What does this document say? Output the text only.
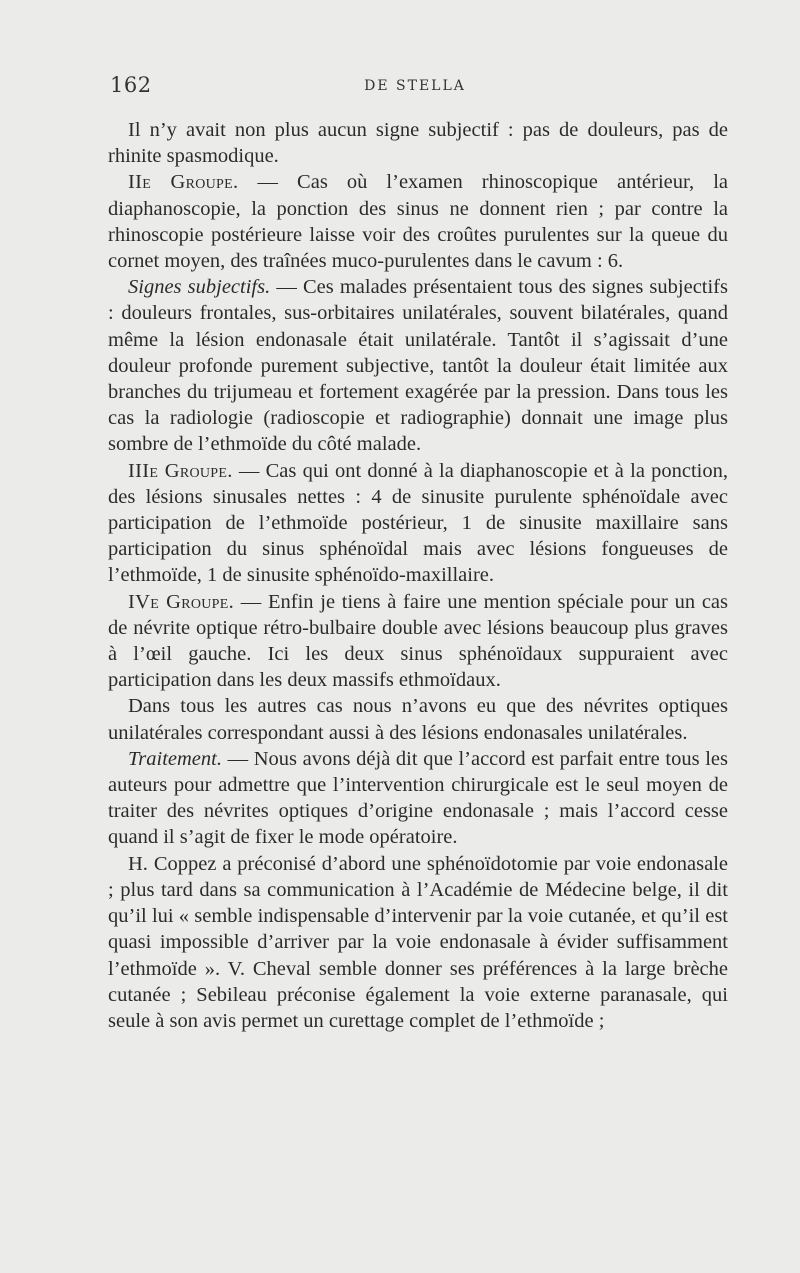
162	DE STELLA

Il n’y avait non plus aucun signe subjectif : pas de douleurs, pas de rhinite spasmodique.

IIe Groupe. — Cas où l’examen rhinoscopique antérieur, la diaphanoscopie, la ponction des sinus ne donnent rien ; par contre la rhinoscopie postérieure laisse voir des croûtes purulentes sur la queue du cornet moyen, des traînées muco-purulentes dans le cavum : 6.

Signes subjectifs. — Ces malades présentaient tous des signes subjectifs : douleurs frontales, sus-orbitaires unilatérales, souvent bilatérales, quand même la lésion endonasale était unilatérale. Tantôt il s’agissait d’une douleur profonde purement subjective, tantôt la douleur était limitée aux branches du trijumeau et fortement exagérée par la pression. Dans tous les cas la radiologie (radioscopie et radiographie) donnait une image plus sombre de l’ethmoïde du côté malade.

IIIe Groupe. — Cas qui ont donné à la diaphanoscopie et à la ponction, des lésions sinusales nettes : 4 de sinusite purulente sphénoïdale avec participation de l’ethmoïde postérieur, 1 de sinusite maxillaire sans participation du sinus sphénoïdal mais avec lésions fongueuses de l’ethmoïde, 1 de sinusite sphénoïdo-maxillaire.

IVe Groupe. — Enfin je tiens à faire une mention spéciale pour un cas de névrite optique rétro-bulbaire double avec lésions beaucoup plus graves à l’œil gauche. Ici les deux sinus sphénoïdaux suppuraient avec participation dans les deux massifs ethmoïdaux.

Dans tous les autres cas nous n’avons eu que des névrites optiques unilatérales correspondant aussi à des lésions endonasales unilatérales.

Traitement. — Nous avons déjà dit que l’accord est parfait entre tous les auteurs pour admettre que l’intervention chirurgicale est le seul moyen de traiter des névrites optiques d’origine endonasale ; mais l’accord cesse quand il s’agit de fixer le mode opératoire.

H. Coppez a préconisé d’abord une sphénoïdotomie par voie endonasale ; plus tard dans sa communication à l’Académie de Médecine belge, il dit qu’il lui « semble indispensable d’intervenir par la voie cutanée, et qu’il est quasi impossible d’arriver par la voie endonasale à évider suffisamment l’ethmoïde ». V. Cheval semble donner ses préférences à la large brèche cutanée ; Sebileau préconise également la voie externe paranasale, qui seule à son avis permet un curettage complet de l’ethmoïde ;
